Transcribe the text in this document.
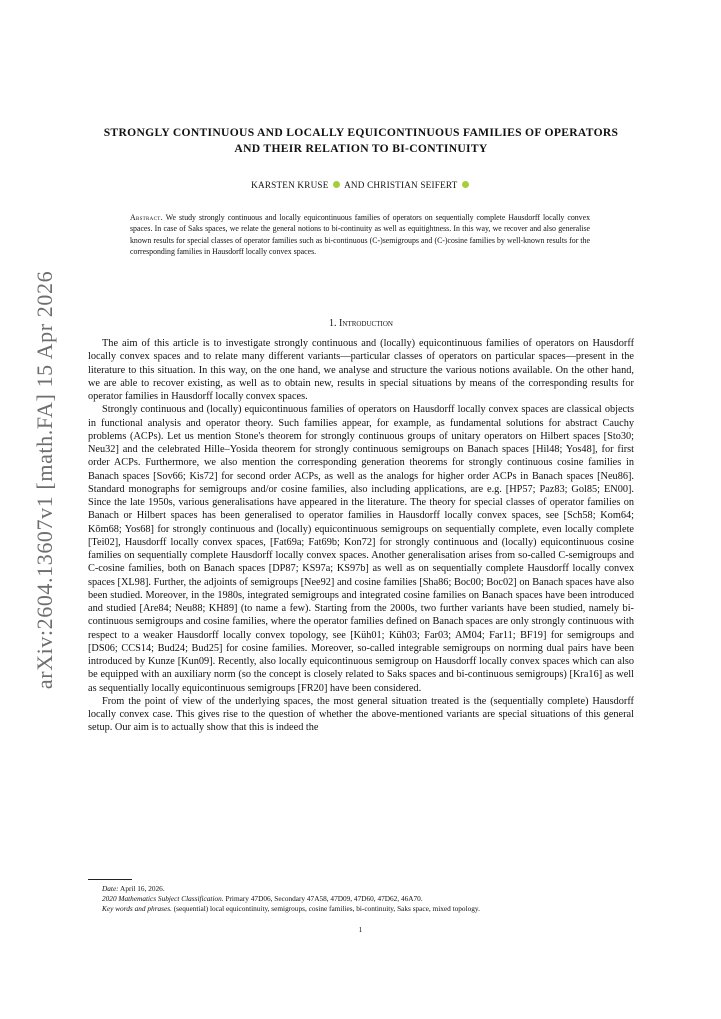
arXiv:2604.13607v1 [math.FA] 15 Apr 2026
STRONGLY CONTINUOUS AND LOCALLY EQUICONTINUOUS FAMILIES OF OPERATORS AND THEIR RELATION TO BI-CONTINUITY
KARSTEN KRUSE AND CHRISTIAN SEIFERT
Abstract. We study strongly continuous and locally equicontinuous families of operators on sequentially complete Hausdorff locally convex spaces. In case of Saks spaces, we relate the general notions to bi-continuity as well as equitightness. In this way, we recover and also generalise known results for special classes of operator families such as bi-continuous (C-)semigroups and (C-)cosine families by well-known results for the corresponding families in Hausdorff locally convex spaces.
1. Introduction

The aim of this article is to investigate strongly continuous and (locally) equicontinuous families of operators on Hausdorff locally convex spaces and to relate many different variants—particular classes of operators on particular spaces—present in the literature to this situation. In this way, on the one hand, we analyse and structure the various notions available. On the other hand, we are able to recover existing, as well as to obtain new, results in special situations by means of the corresponding results for operator families in Hausdorff locally convex spaces.

Strongly continuous and (locally) equicontinuous families of operators on Hausdorff locally convex spaces are classical objects in functional analysis and operator theory. Such families appear, for example, as fundamental solutions for abstract Cauchy problems (ACPs). Let us mention Stone's theorem for strongly continuous groups of unitary operators on Hilbert spaces [Sto30; Neu32] and the celebrated Hille–Yosida theorem for strongly continuous semigroups on Banach spaces [Hil48; Yos48], for first order ACPs. Furthermore, we also mention the corresponding generation theorems for strongly continuous cosine families in Banach spaces [Sov66; Kis72] for second order ACPs, as well as the analogs for higher order ACPs in Banach spaces [Neu86]. Standard monographs for semigroups and/or cosine families, also including applications, are e.g. [HP57; Paz83; Gol85; EN00]. Since the late 1950s, various generalisations have appeared in the literature. The theory for special classes of operator families on Banach or Hilbert spaces has been generalised to operator families in Hausdorff locally convex spaces, see [Sch58; Kom64; Kōm68; Yos68] for strongly continuous and (locally) equicontinuous semigroups on sequentially complete, even locally complete [Tei02], Hausdorff locally convex spaces, [Fat69a; Fat69b; Kon72] for strongly continuous and (locally) equicontinuous cosine families on sequentially complete Hausdorff locally convex spaces. Another generalisation arises from so-called C-semigroups and C-cosine families, both on Banach spaces [DP87; KS97a; KS97b] as well as on sequentially complete Hausdorff locally convex spaces [XL98]. Further, the adjoints of semigroups [Nee92] and cosine families [Sha86; Boc00; Boc02] on Banach spaces have also been studied. Moreover, in the 1980s, integrated semigroups and integrated cosine families on Banach spaces have been introduced and studied [Are84; Neu88; KH89] (to name a few). Starting from the 2000s, two further variants have been studied, namely bi-continuous semigroups and cosine families, where the operator families defined on Banach spaces are only strongly continuous with respect to a weaker Hausdorff locally convex topology, see [Küh01; Küh03; Far03; AM04; Far11; BF19] for semigroups and [DS06; CCS14; Bud24; Bud25] for cosine families. Moreover, so-called integrable semigroups on norming dual pairs have been introduced by Kunze [Kun09]. Recently, also locally equicontinuous semigroup on Hausdorff locally convex spaces which can also be equipped with an auxiliary norm (so the concept is closely related to Saks spaces and bi-continuous semigroups) [Kra16] as well as sequentially locally equicontinuous semigroups [FR20] have been considered.

From the point of view of the underlying spaces, the most general situation treated is the (sequentially complete) Hausdorff locally convex case. This gives rise to the question of whether the above-mentioned variants are special situations of this general setup. Our aim is to actually show that this is indeed the

Date: April 16, 2026.

2020 Mathematics Subject Classification. Primary 47D06, Secondary 47A58, 47D09, 47D60, 47D62, 46A70.

Key words and phrases. (sequential) local equicontinuity, semigroups, cosine families, bi-continuity, Saks space, mixed topology.

1
